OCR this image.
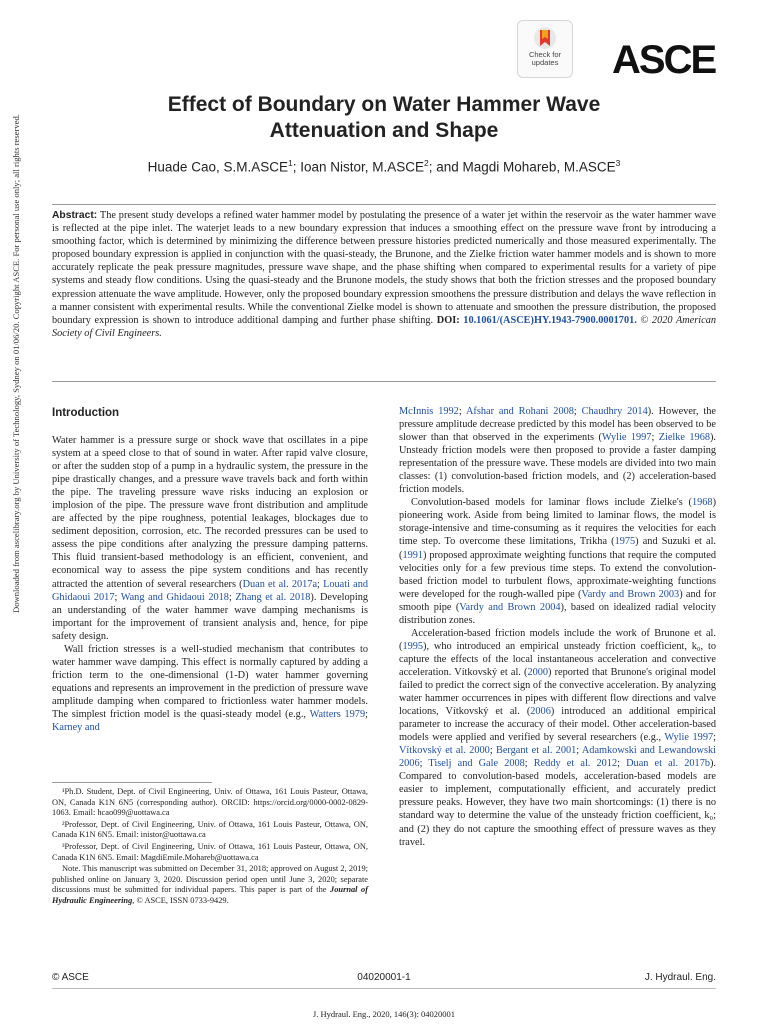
Check for
updates	ASCE
Effect of Boundary on Water Hammer Wave
Attenuation and Shape
Huade Cao, S.M.ASCE$^1$; Ioan Nistor, M.ASCE$^2$; and Magdi Mohareb, M.ASCE$^3$
Downloaded from ascelibrary.org by University of Technology, Sydney on 01/06/20. Copyright ASCE. For personal use only; all rights reserved.	Abstract: The present study develops a refined water hammer model by postulating the presence of a water jet within the reservoir as the water hammer wave is reflected at the pipe inlet. The waterjet leads to a new boundary expression that induces a smoothing effect on the pressure wave front by introducing a smoothing factor, which is determined by minimizing the difference between pressure histories predicted numerically and those measured experimentally. The proposed boundary expression is applied in conjunction with the quasi-steady, the Brunone, and the Zielke friction water hammer models and is shown to more accurately replicate the peak pressure magnitudes, pressure wave shape, and the phase shifting when compared to experimental results for a variety of pipe systems and steady flow conditions. Using the quasi-steady and the Brunone models, the study shows that both the friction stresses and the proposed boundary expression attenuate the wave amplitude. However, only the proposed boundary expression smoothens the pressure distribution and delays the wave reflection in a manner consistent with experimental results. While the conventional Zielke model is shown to attenuate and smoothen the pressure distribution, the proposed boundary expression is shown to introduce additional damping and further phase shifting. DOI: 10.1061/(ASCE)HY.1943-7900.0001701. © 2020 American Society of Civil Engineers.
Introduction

Water hammer is a pressure surge or shock wave that oscillates in a pipe system at a speed close to that of sound in water. After rapid valve closure, or after the sudden stop of a pump in a hydraulic system, the pressure in the pipe drastically changes, and a pressure wave travels back and forth within the pipe. The traveling pressure wave risks inducing an explosion or implosion of the pipe. The pressure wave front distribution and amplitude are affected by the pipe roughness, potential leakages, blockages due to sediment deposition, corrosion, etc. The recorded pressures can be used to assess the pipe conditions after analyzing the pressure damping patterns. This fluid transient-based methodology is an efficient, convenient, and economical way to assess the pipe system conditions and has recently attracted the attention of several researchers (Duan et al. 2017a; Louati and Ghidaoui 2017; Wang and Ghidaoui 2018; Zhang et al. 2018). Developing an understanding of the water hammer wave damping mechanisms is important for the improvement of transient analysis and, hence, for pipe safety design.

Wall friction stresses is a well-studied mechanism that contributes to water hammer wave damping. This effect is normally captured by adding a friction term to the one-dimensional (1-D) water hammer governing equations and represents an improvement in the prediction of pressure wave amplitude damping when compared to frictionless water hammer models. The simplest friction model is the quasi-steady model (e.g., Watters 1979; Karney and

¹Ph.D. Student, Dept. of Civil Engineering, Univ. of Ottawa, 161 Louis Pasteur, Ottawa, ON, Canada K1N 6N5 (corresponding author). ORCID: https://orcid.org/0000-0002-0829-1063. Email: hcao099@uottawa.ca

²Professor, Dept. of Civil Engineering, Univ. of Ottawa, 161 Louis Pasteur, Ottawa, ON, Canada K1N 6N5. Email: inistor@uottawa.ca

³Professor, Dept. of Civil Engineering, Univ. of Ottawa, 161 Louis Pasteur, Ottawa, ON, Canada K1N 6N5. Email: MagdiEmile.Mohareb@uottawa.ca

Note. This manuscript was submitted on December 31, 2018; approved on August 2, 2019; published online on January 3, 2020. Discussion period open until June 3, 2020; separate discussions must be submitted for individual papers. This paper is part of the Journal of Hydraulic Engineering, © ASCE, ISSN 0733-9429.

McInnis 1992; Afshar and Rohani 2008; Chaudhry 2014). However, the pressure amplitude decrease predicted by this model has been observed to be slower than that observed in the experiments (Wylie 1997; Zielke 1968). Unsteady friction models were then proposed to provide a faster damping representation of the pressure wave. These models are divided into two main classes: (1) convolution-based friction models, and (2) acceleration-based friction models.

Convolution-based models for laminar flows include Zielke's (1968) pioneering work. Aside from being limited to laminar flows, the model is storage-intensive and time-consuming as it requires the velocities for each time step. To overcome these limitations, Trikha (1975) and Suzuki et al. (1991) proposed approximate weighting functions that require the computed velocities only for a few previous time steps. To extend the convolution-based friction model to turbulent flows, approximate-weighting functions were developed for the rough-walled pipe (Vardy and Brown 2003) and for smooth pipe (Vardy and Brown 2004), based on idealized radial velocity distribution zones.

Acceleration-based friction models include the work of Brunone et al. (1995), who introduced an empirical unsteady friction coefficient, k₀, to capture the effects of the local instantaneous acceleration and convective acceleration. Vítkovský et al. (2000) reported that Brunone's original model failed to predict the correct sign of the convective acceleration. By analyzing water hammer occurrences in pipes with different flow directions and valve locations, Vítkovský et al. (2006) introduced an additional empirical parameter to increase the accuracy of their model. Other acceleration-based models were applied and verified by several researchers (e.g., Wylie 1997; Vítkovský et al. 2000; Bergant et al. 2001; Adamkowski and Lewandowski 2006; Tiselj and Gale 2008; Reddy et al. 2012; Duan et al. 2017b). Compared to convolution-based models, acceleration-based models are easier to implement, computationally efficient, and accurately predict pressure peaks. However, they have two main shortcomings: (1) there is no standard way to determine the value of the unsteady friction coefficient, k₀; and (2) they do not capture the smoothing effect of pressure waves as they travel.

© ASCE	04020001-1	J. Hydraul. Eng.
J. Hydraul. Eng., 2020, 146(3): 04020001
